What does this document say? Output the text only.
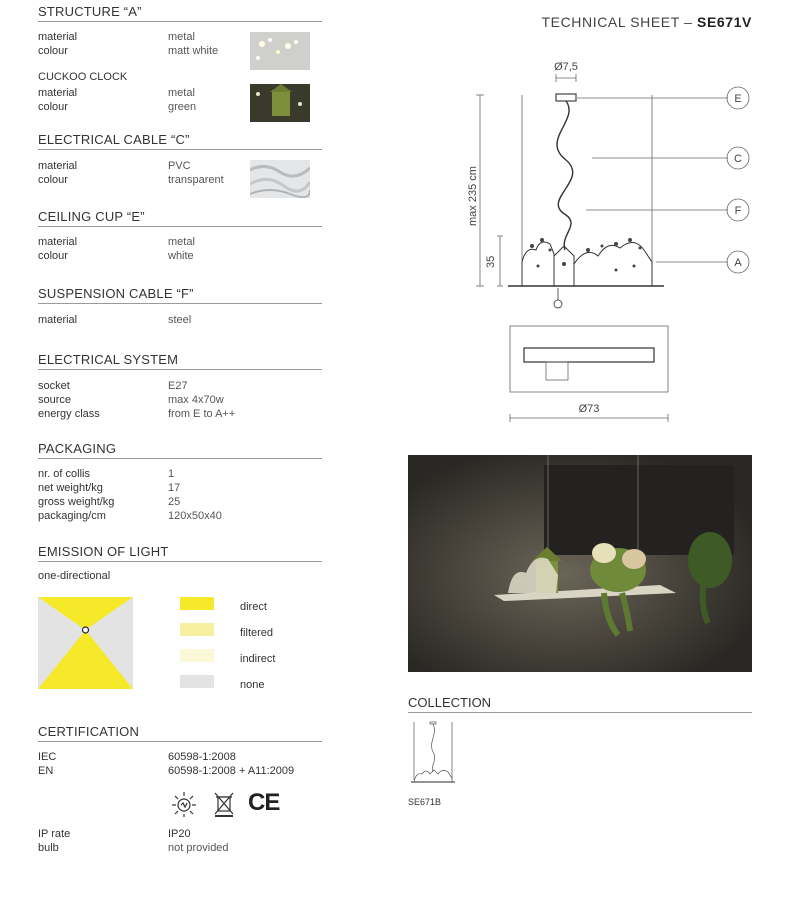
TECHNICAL SHEET – SE671V
STRUCTURE “A”
material	metal
colour	matt white
CUCKOO CLOCK
material	metal
colour	green
ELECTRICAL CABLE “C”
material	PVC
colour	transparent
CEILING CUP “E”
material	metal
colour	white
SUSPENSION CABLE “F”
material	steel
ELECTRICAL SYSTEM
socket	E27
source	max 4x70w
energy class	from E to A++
PACKAGING
nr. of collis	1
net weight/kg	17
gross weight/kg	25
packaging/cm	120x50x40
EMISSION OF LIGHT
one-directional
direct
filtered
indirect
none
CERTIFICATION
IEC	60598-1:2008
EN	60598-1:2008 + A11:2009
CE
IP rate	IP20
bulb	not provided
Ø7,5
max 235 cm
35
Ø73
E
C
F
A
COLLECTION
SE671B
